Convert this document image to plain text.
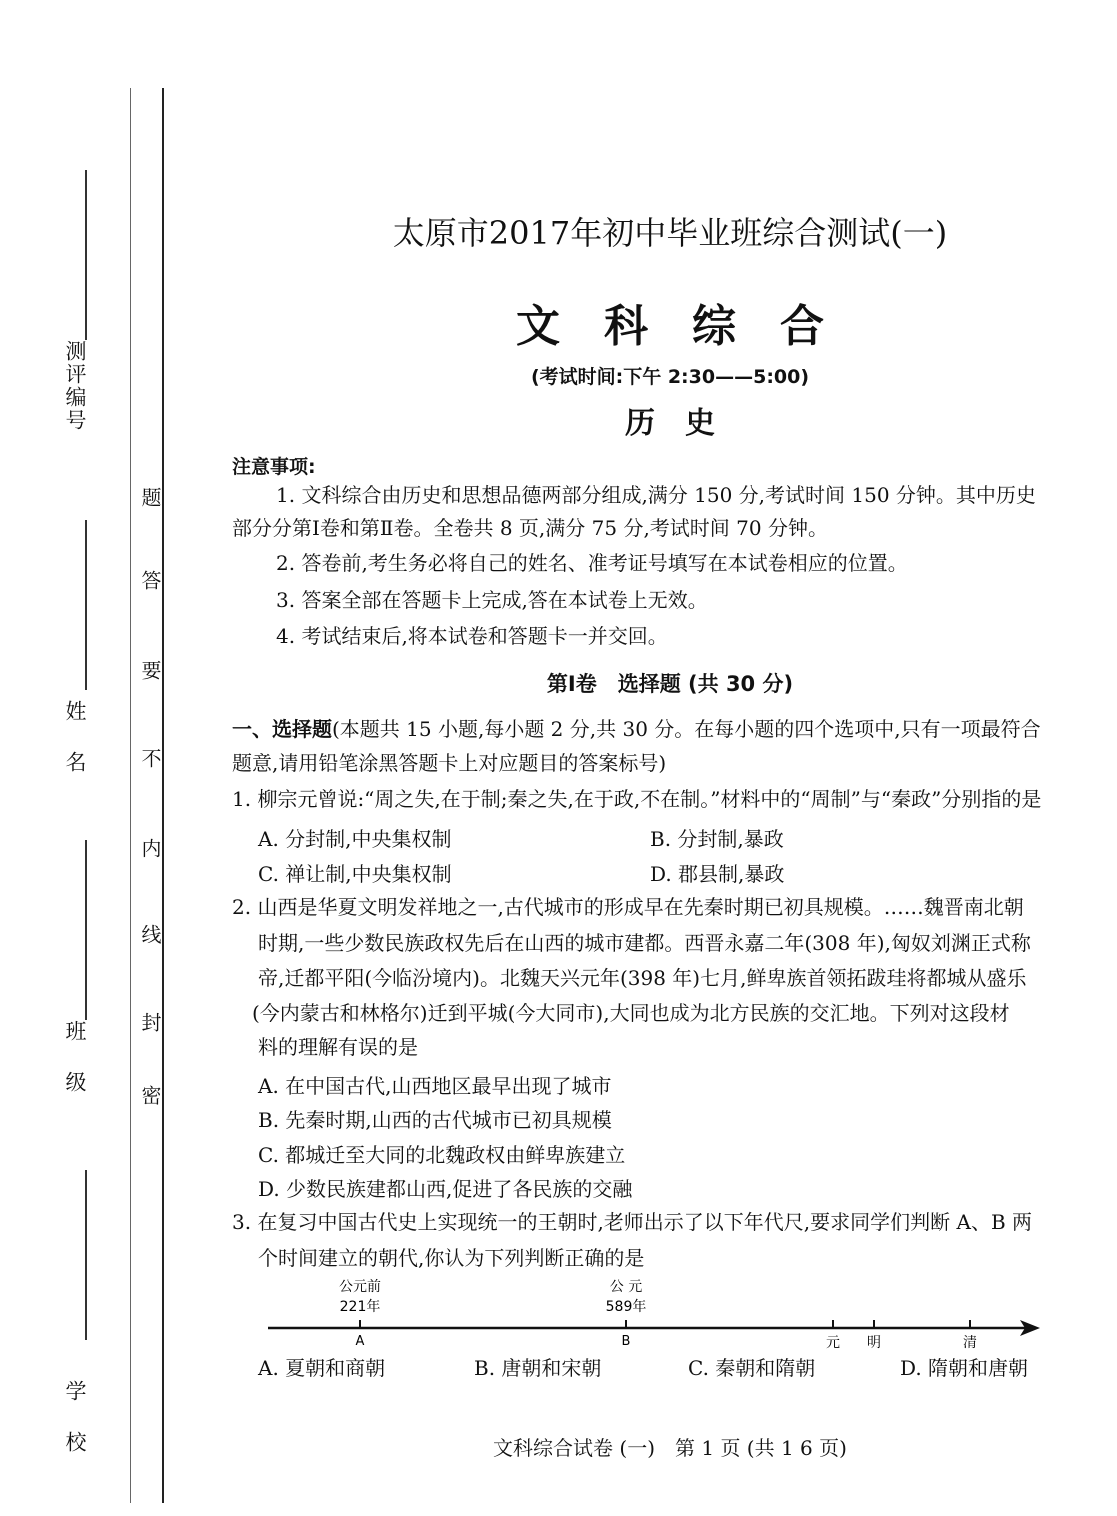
测评编号
姓名
班级
学校
密
封
线
内
不
要
答
题
太原市2017年初中毕业班综合测试(一)
文　科　综　合
(考试时间:下午 2:30——5:00)
历　史
注意事项:
1. 文科综合由历史和思想品德两部分组成,满分 150 分,考试时间 150 分钟。其中历史
部分分第Ⅰ卷和第Ⅱ卷。全卷共 8 页,满分 75 分,考试时间 70 分钟。
2. 答卷前,考生务必将自己的姓名、准考证号填写在本试卷相应的位置。
3. 答案全部在答题卡上完成,答在本试卷上无效。
4. 考试结束后,将本试卷和答题卡一并交回。
第Ⅰ卷　选择题 (共 30 分)
一、选择题(本题共 15 小题,每小题 2 分,共 30 分。在每小题的四个选项中,只有一项最符合
题意,请用铅笔涂黑答题卡上对应题目的答案标号)
1. 柳宗元曾说:“周之失,在于制;秦之失,在于政,不在制。”材料中的“周制”与“秦政”分别指的是
A. 分封制,中央集权制	B. 分封制,暴政
C. 禅让制,中央集权制	D. 郡县制,暴政
2. 山西是华夏文明发祥地之一,古代城市的形成早在先秦时期已初具规模。……魏晋南北朝
时期,一些少数民族政权先后在山西的城市建都。西晋永嘉二年(308 年),匈奴刘渊正式称
帝,迁都平阳(今临汾境内)。北魏天兴元年(398 年)七月,鲜卑族首领拓跋珪将都城从盛乐
(今内蒙古和林格尔)迁到平城(今大同市),大同也成为北方民族的交汇地。下列对这段材
料的理解有误的是
A. 在中国古代,山西地区最早出现了城市
B. 先秦时期,山西的古代城市已初具规模
C. 都城迁至大同的北魏政权由鲜卑族建立
D. 少数民族建都山西,促进了各民族的交融
3. 在复习中国古代史上实现统一的王朝时,老师出示了以下年代尺,要求同学们判断 A、B 两
个时间建立的朝代,你认为下列判断正确的是
公元前
221年
A
公 元
589年
B	元 明	清
A. 夏朝和商朝	B. 唐朝和宋朝	C. 秦朝和隋朝	D. 隋朝和唐朝
文科综合试卷 (一)　第 1 页 (共 1 6 页)
